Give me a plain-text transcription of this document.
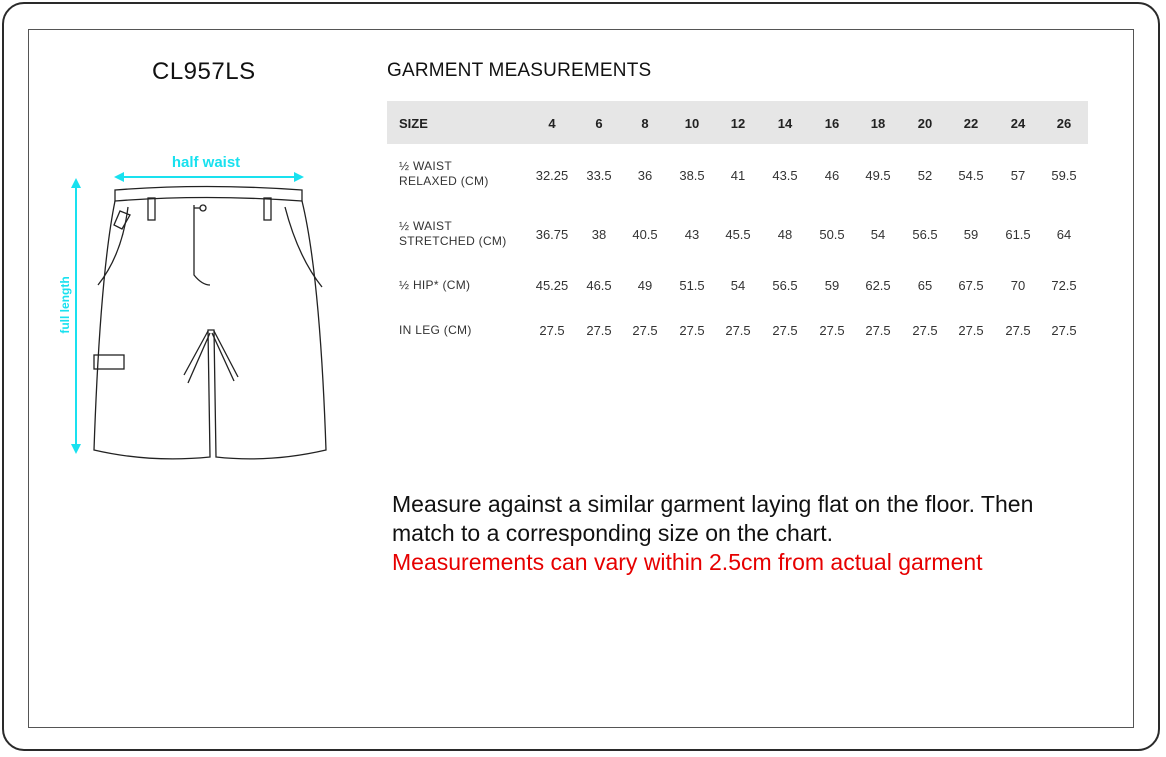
CL957LS	GARMENT MEASUREMENTS
half waist
full length
SIZE	4	6	8	10	12	14	16	18	20	22	24	26
½ WAIST
RELAXED (CM)	32.25	33.5	36	38.5	41	43.5	46	49.5	52	54.5	57	59.5
½ WAIST
STRETCHED (CM)	36.75	38	40.5	43	45.5	48	50.5	54	56.5	59	61.5	64
½ HIP* (CM)	45.25	46.5	49	51.5	54	56.5	59	62.5	65	67.5	70	72.5
IN LEG (CM)	27.5	27.5	27.5	27.5	27.5	27.5	27.5	27.5	27.5	27.5	27.5	27.5
Measure against a similar garment laying flat on the floor. Then
match to a corresponding size on the chart.
Measurements can vary within 2.5cm from actual garment
